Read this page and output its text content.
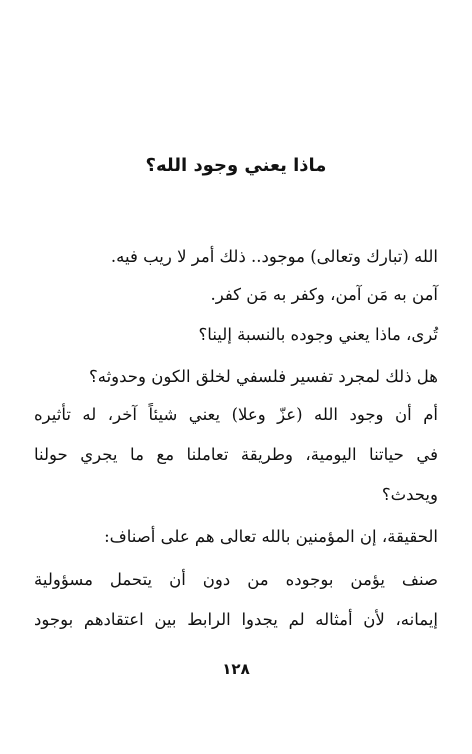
ماذا يعني وجود الله؟
الله (تبارك وتعالى) موجود.. ذلك أمر لا ريب فيه.
آمن به مَن آمن، وكفر به مَن كفر.
تُرى، ماذا يعني وجوده بالنسبة إلينا؟
هل ذلك لمجرد تفسير فلسفي لخلق الكون وحدوثه؟
أم أن وجود الله (عزّ وعلا) يعني شيئاً آخر، له تأثيره
في حياتنا اليومية، وطريقة تعاملنا مع ما يجري حولنا
ويحدث؟
الحقيقة، إن المؤمنين بالله تعالى هم على أصناف:
صنف يؤمن بوجوده من دون أن يتحمل مسؤولية
إيمانه، لأن أمثاله لم يجدوا الرابط بين اعتقادهم بوجود
١٢٨
